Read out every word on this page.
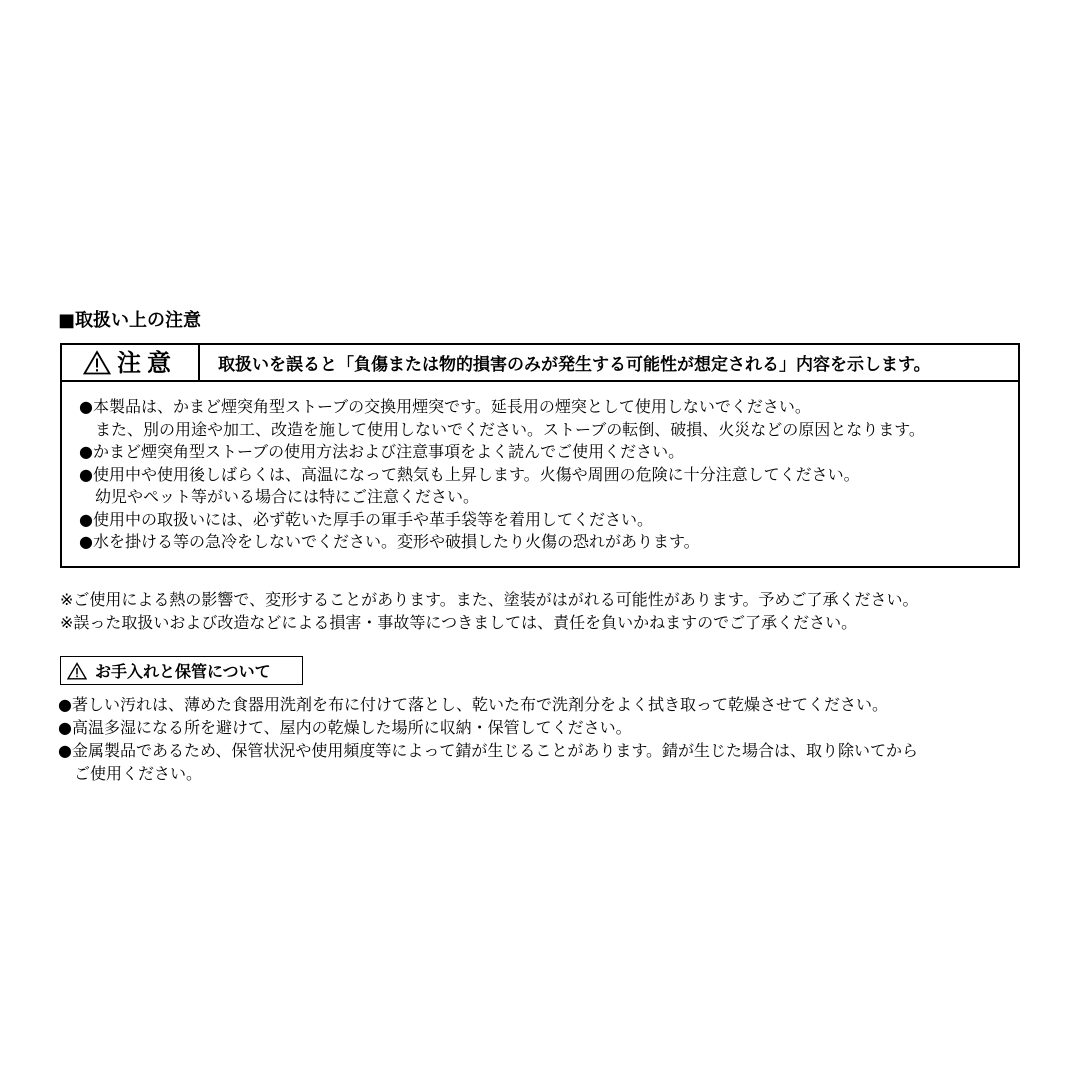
■取扱い上の注意
注意	取扱いを誤ると「負傷または物的損害のみが発生する可能性が想定される」内容を示します。
●本製品は、かまど煙突角型ストーブの交換用煙突です。延長用の煙突として使用しないでください。
また、別の用途や加工、改造を施して使用しないでください。ストーブの転倒、破損、火災などの原因となります。
●かまど煙突角型ストーブの使用方法および注意事項をよく読んでご使用ください。
●使用中や使用後しばらくは、高温になって熱気も上昇します。火傷や周囲の危険に十分注意してください。
幼児やペット等がいる場合には特にご注意ください。
●使用中の取扱いには、必ず乾いた厚手の軍手や革手袋等を着用してください。
●水を掛ける等の急冷をしないでください。変形や破損したり火傷の恐れがあります。
※ご使用による熱の影響で、変形することがあります。また、塗装がはがれる可能性があります。予めご了承ください。
※誤った取扱いおよび改造などによる損害・事故等につきましては、責任を負いかねますのでご了承ください。
お手入れと保管について
●著しい汚れは、薄めた食器用洗剤を布に付けて落とし、乾いた布で洗剤分をよく拭き取って乾燥させてください。
●高温多湿になる所を避けて、屋内の乾燥した場所に収納・保管してください。
●金属製品であるため、保管状況や使用頻度等によって錆が生じることがあります。錆が生じた場合は、取り除いてから
ご使用ください。
